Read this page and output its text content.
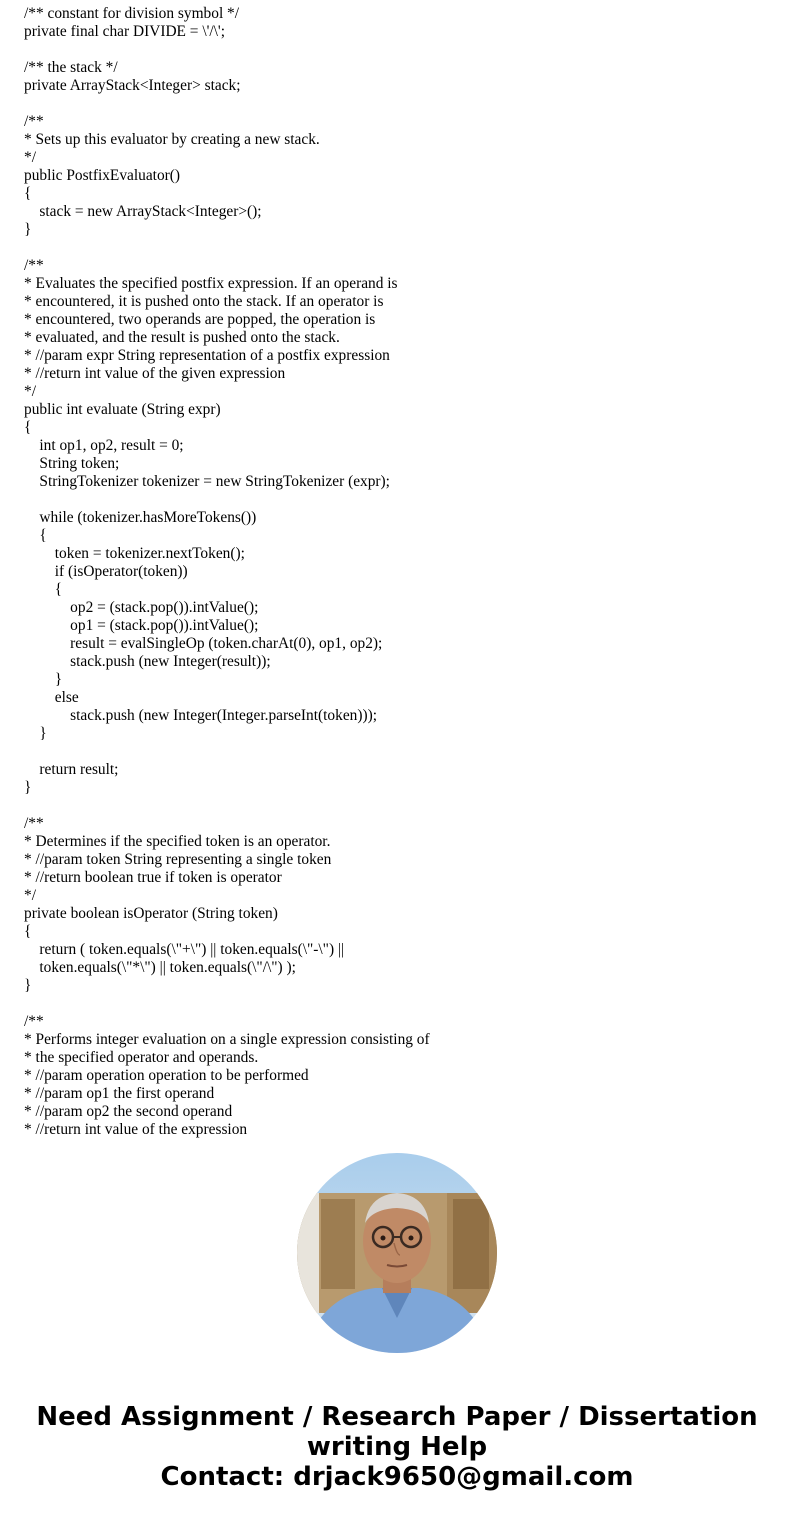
/** constant for division symbol */
private final char DIVIDE = \'/\';
/** the stack */
private ArrayStack<Integer> stack;
/**
* Sets up this evaluator by creating a new stack.
*/
public PostfixEvaluator()
{
stack = new ArrayStack<Integer>();
}
/**
* Evaluates the specified postfix expression. If an operand is
* encountered, it is pushed onto the stack. If an operator is
* encountered, two operands are popped, the operation is
* evaluated, and the result is pushed onto the stack.
* //param expr String representation of a postfix expression
* //return int value of the given expression
*/
public int evaluate (String expr)
{
int op1, op2, result = 0;
String token;
StringTokenizer tokenizer = new StringTokenizer (expr);
while (tokenizer.hasMoreTokens())
{
token = tokenizer.nextToken();
if (isOperator(token))
{
op2 = (stack.pop()).intValue();
op1 = (stack.pop()).intValue();
result = evalSingleOp (token.charAt(0), op1, op2);
stack.push (new Integer(result));
}
else
stack.push (new Integer(Integer.parseInt(token)));
}
return result;
}
/**
* Determines if the specified token is an operator.
* //param token String representing a single token
* //return boolean true if token is operator
*/
private boolean isOperator (String token)
{
return ( token.equals(\"+\") || token.equals(\"-\") ||
token.equals(\"*\") || token.equals(\"/\") );
}
/**
* Performs integer evaluation on a single expression consisting of
* the specified operator and operands.
* //param operation operation to be performed
* //param op1 the first operand
* //param op2 the second operand
* //return int value of the expression
Need Assignment / Research Paper / Dissertation
writing Help
Contact: drjack9650@gmail.com
